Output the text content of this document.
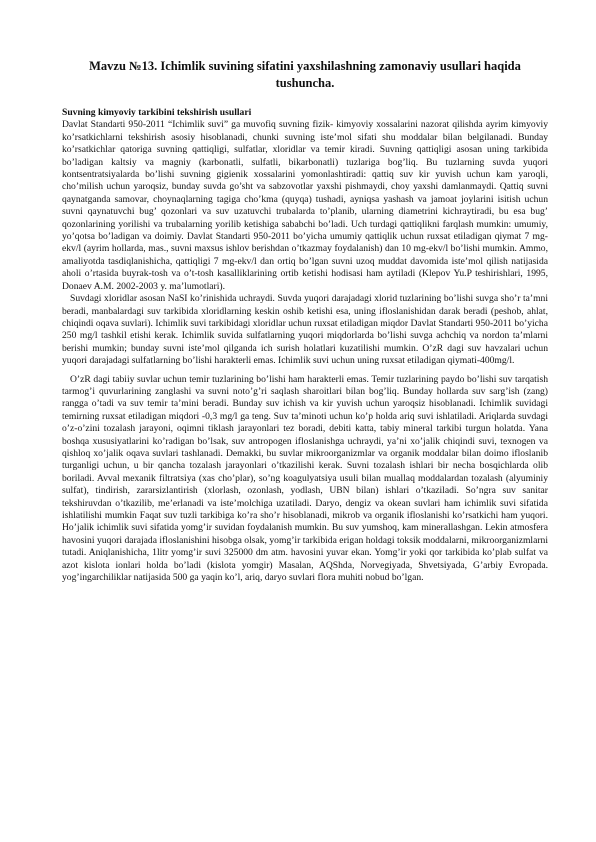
Mavzu №13. Ichimlik suvining sifatini yaxshilashning zamonaviy usullari haqida tushuncha.
Suvning kimyoviy tarkibini tekshirish usullari

Davlat Standarti 950-2011 “Ichimlik suvi” ga muvofiq suvning fizik- kimyoviy xossalarini nazorat qilishda ayrim kimyoviy ko’rsatkichlarni tekshirish asosiy hisoblanadi, chunki suvning iste’mol sifati shu moddalar bilan belgilanadi. Bunday ko’rsatkichlar qatoriga suvning qattiqligi, sulfatlar, xloridlar va temir kiradi. Suvning qattiqligi asosan uning tarkibida bo’ladigan kaltsiy va magniy (karbonatli, sulfatli, bikarbonatli) tuzlariga bog’liq. Bu tuzlarning suvda yuqori kontsentratsiyalarda bo’lishi suvning gigienik xossalarini yomonlashtiradi: qattiq suv kir yuvish uchun kam yaroqli, cho’milish uchun yaroqsiz, bunday suvda go’sht va sabzovotlar yaxshi pishmaydi, choy yaxshi damlanmaydi. Qattiq suvni qaynatganda samovar, choynaqlarning tagiga cho’kma (quyqa) tushadi, ayniqsa yashash va jamoat joylarini isitish uchun suvni qaynatuvchi bug’ qozonlari va suv uzatuvchi trubalarda to’planib, ularning diametrini kichraytiradi, bu esa bug’ qozonlarining yorilishi va trubalarning yorilib ketishiga sababchi bo’ladi. Uch turdagi qattiqlikni farqlash mumkin: umumiy, yo’qotsa bo’ladigan va doimiy. Davlat Standarti 950-2011 bo’yicha umumiy qattiqlik uchun ruxsat etiladigan qiymat 7 mg-ekv/l (ayrim hollarda, mas., suvni maxsus ishlov berishdan o’tkazmay foydalanish) dan 10 mg-ekv/l bo’lishi mumkin. Ammo, amaliyotda tasdiqlanishicha, qattiqligi 7 mg-ekv/l dan ortiq bo’lgan suvni uzoq muddat davomida iste’mol qilish natijasida aholi o’rtasida buyrak-tosh va o’t-tosh kasalliklarining ortib ketishi hodisasi ham aytiladi (Klepov Yu.P teshirishlari, 1995, Donaev A.M. 2002-2003 y. ma’lumotlari).

Suvdagi xloridlar asosan NaSI ko’rinishida uchraydi. Suvda yuqori darajadagi xlorid tuzlarining bo’lishi suvga sho’r ta’mni beradi, manbalardagi suv tarkibida xloridlarning keskin oshib ketishi esa, uning ifloslanishidan darak beradi (peshob, ahlat, chiqindi oqava suvlari). Ichimlik suvi tarkibidagi xloridlar uchun ruxsat etiladigan miqdor Davlat Standarti 950-2011 bo’yicha 250 mg/l tashkil etishi kerak. Ichimlik suvida sulfatlarning yuqori miqdorlarda bo’lishi suvga achchiq va nordon ta’mlarni berishi mumkin; bunday suvni iste’mol qilganda ich surish holatlari kuzatilishi mumkin. O’zR dagi suv havzalari uchun yuqori darajadagi sulfatlarning bo’lishi harakterli emas. Ichimlik suvi uchun uning ruxsat etiladigan qiymati-400mg/l.

O’zR dagi tabiiy suvlar uchun temir tuzlarining bo’lishi ham harakterli emas. Temir tuzlarining paydo bo’lishi suv tarqatish tarmog’i quvurlarining zanglashi va suvni noto’g’ri saqlash sharoitlari bilan bog’liq. Bunday hollarda suv sarg’ish (zang) rangga o’tadi va suv temir ta’mini beradi. Bunday suv ichish va kir yuvish uchun yaroqsiz hisoblanadi. Ichimlik suvidagi temirning ruxsat etiladigan miqdori -0,3 mg/l ga teng. Suv ta’minoti uchun ko’p holda ariq suvi ishlatiladi. Ariqlarda suvdagi o’z-o’zini tozalash jarayoni, oqimni tiklash jarayonlari tez boradi, debiti katta, tabiy mineral tarkibi turgun holatda. Yana boshqa xususiyatlarini ko’radigan bo’lsak, suv antropogen ifloslanishga uchraydi, ya’ni xo’jalik chiqindi suvi, texnogen va qishloq xo’jalik oqava suvlari tashlanadi. Demakki, bu suvlar mikroorganizmlar va organik moddalar bilan doimo ifloslanib turganligi uchun, u bir qancha tozalash jarayonlari o’tkazilishi kerak. Suvni tozalash ishlari bir necha bosqichlarda olib boriladi. Avval mexanik filtratsiya (xas cho’plar), so’ng koagulyatsiya usuli bilan muallaq moddalardan tozalash (alyuminiy sulfat), tindirish, zararsizlantirish (xlorlash, ozonlash, yodlash, UBN bilan) ishlari o’tkaziladi. So’ngra suv sanitar tekshiruvdan o’tkazilib, me’erlanadi va iste’molchiga uzatiladi. Daryo, dengiz va okean suvlari ham ichimlik suvi sifatida ishlatilishi mumkin Faqat suv tuzli tarkibiga ko’ra sho’r hisoblanadi, mikrob va organik ifloslanishi ko’rsatkichi ham yuqori. Ho’jalik ichimlik suvi sifatida yomg’ir suvidan foydalanish mumkin. Bu suv yumshoq, kam minerallashgan. Lekin atmosfera havosini yuqori darajada ifloslanishini hisobga olsak, yomg’ir tarkibida erigan holdagi toksik moddalarni, mikroorganizmlarni tutadi. Aniqlanishicha, 1litr yomg’ir suvi 325000 dm atm. havosini yuvar ekan. Yomg’ir yoki qor tarkibida ko’plab sulfat va azot kislota ionlari holda bo’ladi (kislota yomgir) Masalan, AQShda, Norvegiyada, Shvetsiyada, G’arbiy Evropada. yog’ingarchiliklar natijasida 500 ga yaqin ko’l, ariq, daryo suvlari flora muhiti nobud bo’lgan.
